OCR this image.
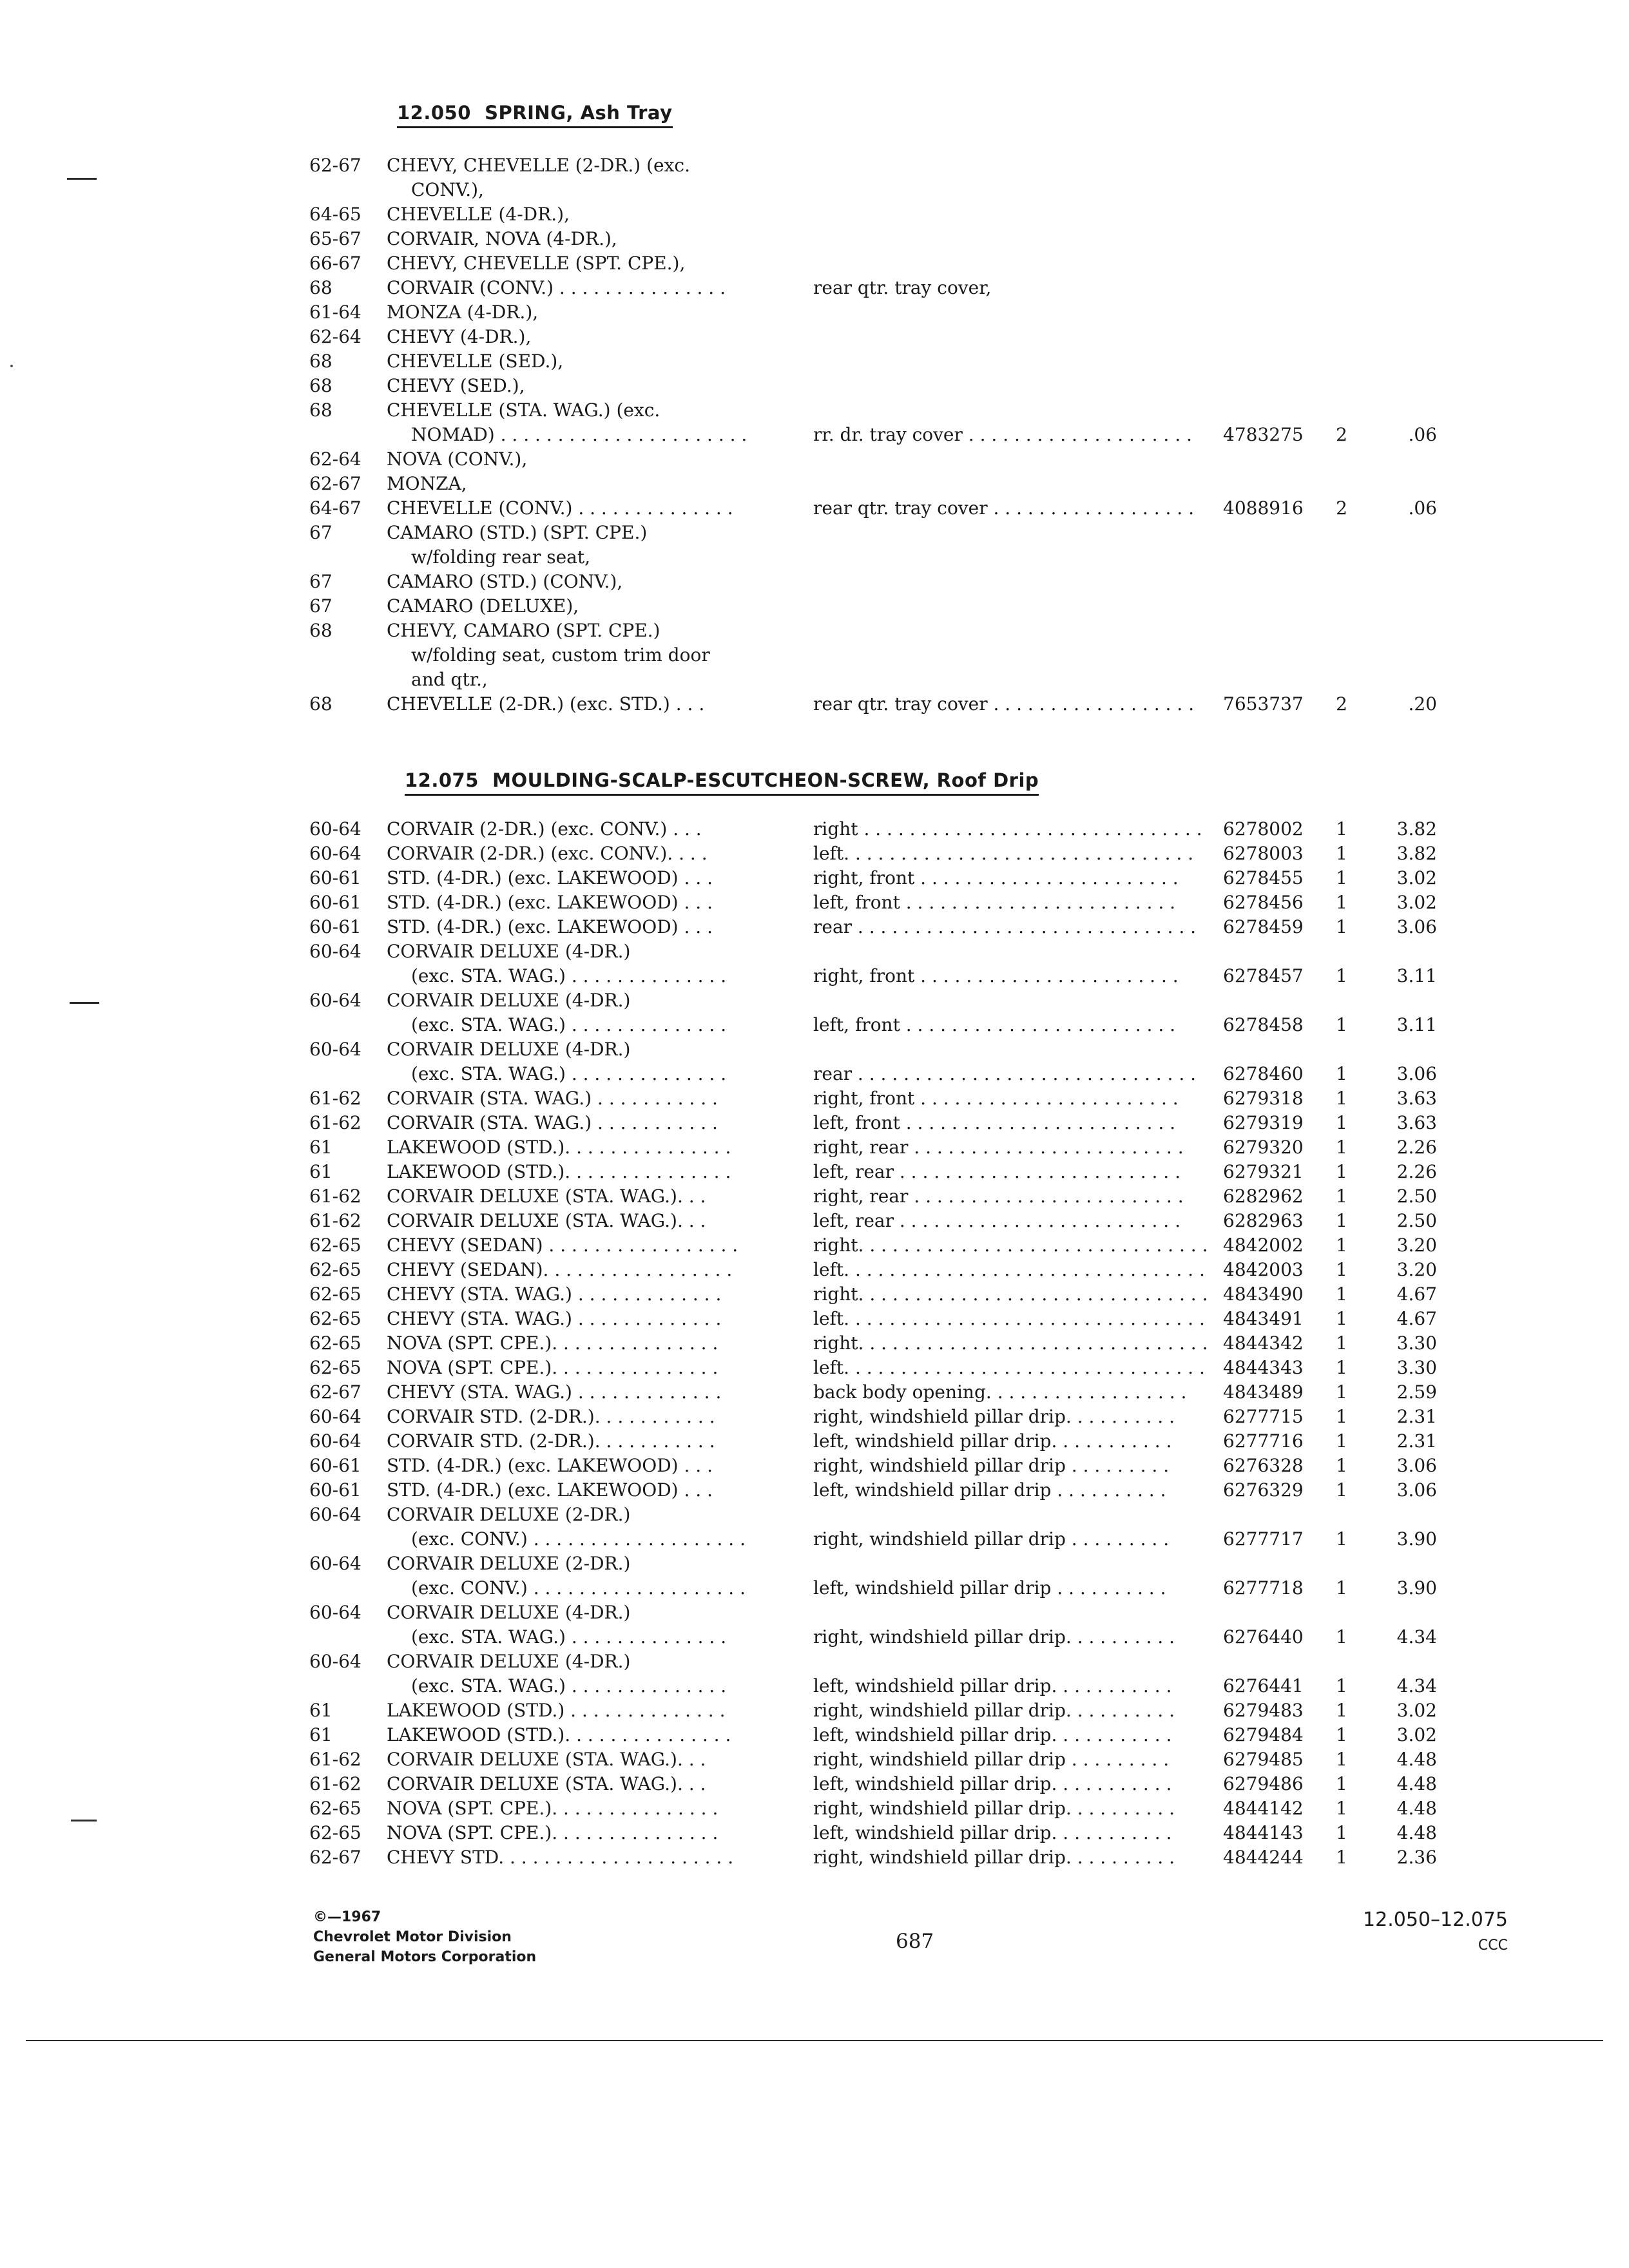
12.050 SPRING, Ash Tray
62-67	CHEVY, CHEVELLE (2-DR.) (exc.
CONV.),
64-65	CHEVELLE (4-DR.),
65-67	CORVAIR, NOVA (4-DR.),
66-67	CHEVY, CHEVELLE (SPT. CPE.),
68	CORVAIR (CONV.) . . . . . . . . . . . . . . .	rear qtr. tray cover,
61-64	MONZA (4-DR.),
62-64	CHEVY (4-DR.),
68	CHEVELLE (SED.),
68	CHEVY (SED.),
68	CHEVELLE (STA. WAG.) (exc.
NOMAD) . . . . . . . . . . . . . . . . . . . . . .	rr. dr. tray cover . . . . . . . . . . . . . . . . . . . .	4783275	2	.06
62-64	NOVA (CONV.),
62-67	MONZA,
64-67	CHEVELLE (CONV.) . . . . . . . . . . . . . .	rear qtr. tray cover . . . . . . . . . . . . . . . . . .	4088916	2	.06
67	CAMARO (STD.) (SPT. CPE.)
w/folding rear seat,
67	CAMARO (STD.) (CONV.),
67	CAMARO (DELUXE),
68	CHEVY, CAMARO (SPT. CPE.)
w/folding seat, custom trim door
and qtr.,
68	CHEVELLE (2-DR.) (exc. STD.) . . .	rear qtr. tray cover . . . . . . . . . . . . . . . . . .	7653737	2	.20
12.075 MOULDING-SCALP-ESCUTCHEON-SCREW, Roof Drip
60-64	CORVAIR (2-DR.) (exc. CONV.) . . .	right . . . . . . . . . . . . . . . . . . . . . . . . . . . . . .	6278002	1	3.82
60-64	CORVAIR (2-DR.) (exc. CONV.). . . .	left. . . . . . . . . . . . . . . . . . . . . . . . . . . . . . .	6278003	1	3.82
60-61	STD. (4-DR.) (exc. LAKEWOOD) . . .	right, front . . . . . . . . . . . . . . . . . . . . . . .	6278455	1	3.02
60-61	STD. (4-DR.) (exc. LAKEWOOD) . . .	left, front . . . . . . . . . . . . . . . . . . . . . . . .	6278456	1	3.02
60-61	STD. (4-DR.) (exc. LAKEWOOD) . . .	rear . . . . . . . . . . . . . . . . . . . . . . . . . . . . . .	6278459	1	3.06
60-64	CORVAIR DELUXE (4-DR.)
(exc. STA. WAG.) . . . . . . . . . . . . . .	right, front . . . . . . . . . . . . . . . . . . . . . . .	6278457	1	3.11
60-64	CORVAIR DELUXE (4-DR.)
(exc. STA. WAG.) . . . . . . . . . . . . . .	left, front . . . . . . . . . . . . . . . . . . . . . . . .	6278458	1	3.11
60-64	CORVAIR DELUXE (4-DR.)
(exc. STA. WAG.) . . . . . . . . . . . . . .	rear . . . . . . . . . . . . . . . . . . . . . . . . . . . . . .	6278460	1	3.06
61-62	CORVAIR (STA. WAG.) . . . . . . . . . . .	right, front . . . . . . . . . . . . . . . . . . . . . . .	6279318	1	3.63
61-62	CORVAIR (STA. WAG.) . . . . . . . . . . .	left, front . . . . . . . . . . . . . . . . . . . . . . . .	6279319	1	3.63
61	LAKEWOOD (STD.). . . . . . . . . . . . . . .	right, rear . . . . . . . . . . . . . . . . . . . . . . . .	6279320	1	2.26
61	LAKEWOOD (STD.). . . . . . . . . . . . . . .	left, rear . . . . . . . . . . . . . . . . . . . . . . . . .	6279321	1	2.26
61-62	CORVAIR DELUXE (STA. WAG.). . .	right, rear . . . . . . . . . . . . . . . . . . . . . . . .	6282962	1	2.50
61-62	CORVAIR DELUXE (STA. WAG.). . .	left, rear . . . . . . . . . . . . . . . . . . . . . . . . .	6282963	1	2.50
62-65	CHEVY (SEDAN) . . . . . . . . . . . . . . . . .	right. . . . . . . . . . . . . . . . . . . . . . . . . . . . . . . 4842002	1	3.20
62-65	CHEVY (SEDAN). . . . . . . . . . . . . . . . .	left. . . . . . . . . . . . . . . . . . . . . . . . . . . . . . . . 4842003	1	3.20
62-65	CHEVY (STA. WAG.) . . . . . . . . . . . . .	right. . . . . . . . . . . . . . . . . . . . . . . . . . . . . . . 4843490	1	4.67
62-65	CHEVY (STA. WAG.) . . . . . . . . . . . . .	left. . . . . . . . . . . . . . . . . . . . . . . . . . . . . . . . 4843491	1	4.67
62-65	NOVA (SPT. CPE.). . . . . . . . . . . . . . .	right. . . . . . . . . . . . . . . . . . . . . . . . . . . . . . . 4844342	1	3.30
62-65	NOVA (SPT. CPE.). . . . . . . . . . . . . . .	left. . . . . . . . . . . . . . . . . . . . . . . . . . . . . . . . 4844343	1	3.30
62-67	CHEVY (STA. WAG.) . . . . . . . . . . . . .	back body opening. . . . . . . . . . . . . . . . . .	4843489	1	2.59
60-64	CORVAIR STD. (2-DR.). . . . . . . . . . .	right, windshield pillar drip. . . . . . . . . .	6277715	1	2.31
60-64	CORVAIR STD. (2-DR.). . . . . . . . . . .	left, windshield pillar drip. . . . . . . . . . .	6277716	1	2.31
60-61	STD. (4-DR.) (exc. LAKEWOOD) . . .	right, windshield pillar drip . . . . . . . . .	6276328	1	3.06
60-61	STD. (4-DR.) (exc. LAKEWOOD) . . .	left, windshield pillar drip . . . . . . . . . .	6276329	1	3.06
60-64	CORVAIR DELUXE (2-DR.)
(exc. CONV.) . . . . . . . . . . . . . . . . . . .	right, windshield pillar drip . . . . . . . . .	6277717	1	3.90
60-64	CORVAIR DELUXE (2-DR.)
(exc. CONV.) . . . . . . . . . . . . . . . . . . .	left, windshield pillar drip . . . . . . . . . .	6277718	1	3.90
60-64	CORVAIR DELUXE (4-DR.)
(exc. STA. WAG.) . . . . . . . . . . . . . .	right, windshield pillar drip. . . . . . . . . .	6276440	1	4.34
60-64	CORVAIR DELUXE (4-DR.)
(exc. STA. WAG.) . . . . . . . . . . . . . .	left, windshield pillar drip. . . . . . . . . . .	6276441	1	4.34
61	LAKEWOOD (STD.) . . . . . . . . . . . . . .	right, windshield pillar drip. . . . . . . . . .	6279483	1	3.02
61	LAKEWOOD (STD.). . . . . . . . . . . . . . .	left, windshield pillar drip. . . . . . . . . . .	6279484	1	3.02
61-62	CORVAIR DELUXE (STA. WAG.). . .	right, windshield pillar drip . . . . . . . . .	6279485	1	4.48
61-62	CORVAIR DELUXE (STA. WAG.). . .	left, windshield pillar drip. . . . . . . . . . .	6279486	1	4.48
62-65	NOVA (SPT. CPE.). . . . . . . . . . . . . . .	right, windshield pillar drip. . . . . . . . . .	4844142	1	4.48
62-65	NOVA (SPT. CPE.). . . . . . . . . . . . . . .	left, windshield pillar drip. . . . . . . . . . .	4844143	1	4.48
62-67	CHEVY STD. . . . . . . . . . . . . . . . . . . . .	right, windshield pillar drip. . . . . . . . . .	4844244	1	2.36
©—1967
Chevrolet Motor Division
General Motors Corporation
687
12.050–12.075
CCC
